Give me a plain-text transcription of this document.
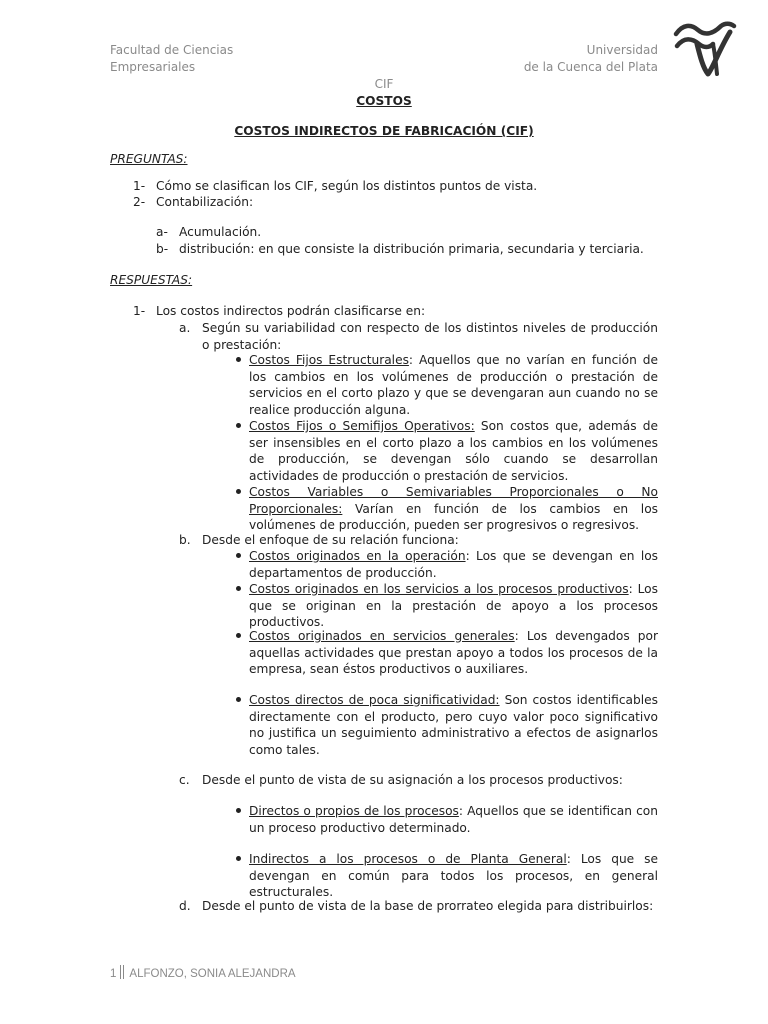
Facultad de Ciencias
Empresariales
Universidad
de la Cuenca del Plata
CIF
COSTOS
COSTOS INDIRECTOS DE FABRICACIÓN (CIF)
PREGUNTAS:
1- Cómo se clasifican los CIF, según los distintos puntos de vista.
2- Contabilización:
a- Acumulación.
b- distribución: en que consiste la distribución primaria, secundaria y terciaria.
RESPUESTAS:
1- Los costos indirectos podrán clasificarse en:
a. Según su variabilidad con respecto de los distintos niveles de producción o prestación:
Costos Fijos Estructurales: Aquellos que no varían en función de los cambios en los volúmenes de producción o prestación de servicios en el corto plazo y que se devengaran aun cuando no se realice producción alguna.
Costos Fijos o Semifijos Operativos: Son costos que, además de ser insensibles en el corto plazo a los cambios en los volúmenes de producción, se devengan sólo cuando se desarrollan actividades de producción o prestación de servicios.
Costos Variables o Semivariables Proporcionales o No Proporcionales: Varían en función de los cambios en los volúmenes de producción, pueden ser progresivos o regresivos.
b. Desde el enfoque de su relación funciona:
Costos originados en la operación: Los que se devengan en los departamentos de producción.
Costos originados en los servicios a los procesos productivos: Los que se originan en la prestación de apoyo a los procesos productivos.
Costos originados en servicios generales: Los devengados por aquellas actividades que prestan apoyo a todos los procesos de la empresa, sean éstos productivos o auxiliares.
Costos directos de poca significatividad: Son costos identificables directamente con el producto, pero cuyo valor poco significativo no justifica un seguimiento administrativo a efectos de asignarlos como tales.
c. Desde el punto de vista de su asignación a los procesos productivos:
Directos o propios de los procesos: Aquellos que se identifican con un proceso productivo determinado.
Indirectos a los procesos o de Planta General: Los que se devengan en común para todos los procesos, en general estructurales.
d. Desde el punto de vista de la base de prorrateo elegida para distribuirlos:
1 ALFONZO, SONIA ALEJANDRA
